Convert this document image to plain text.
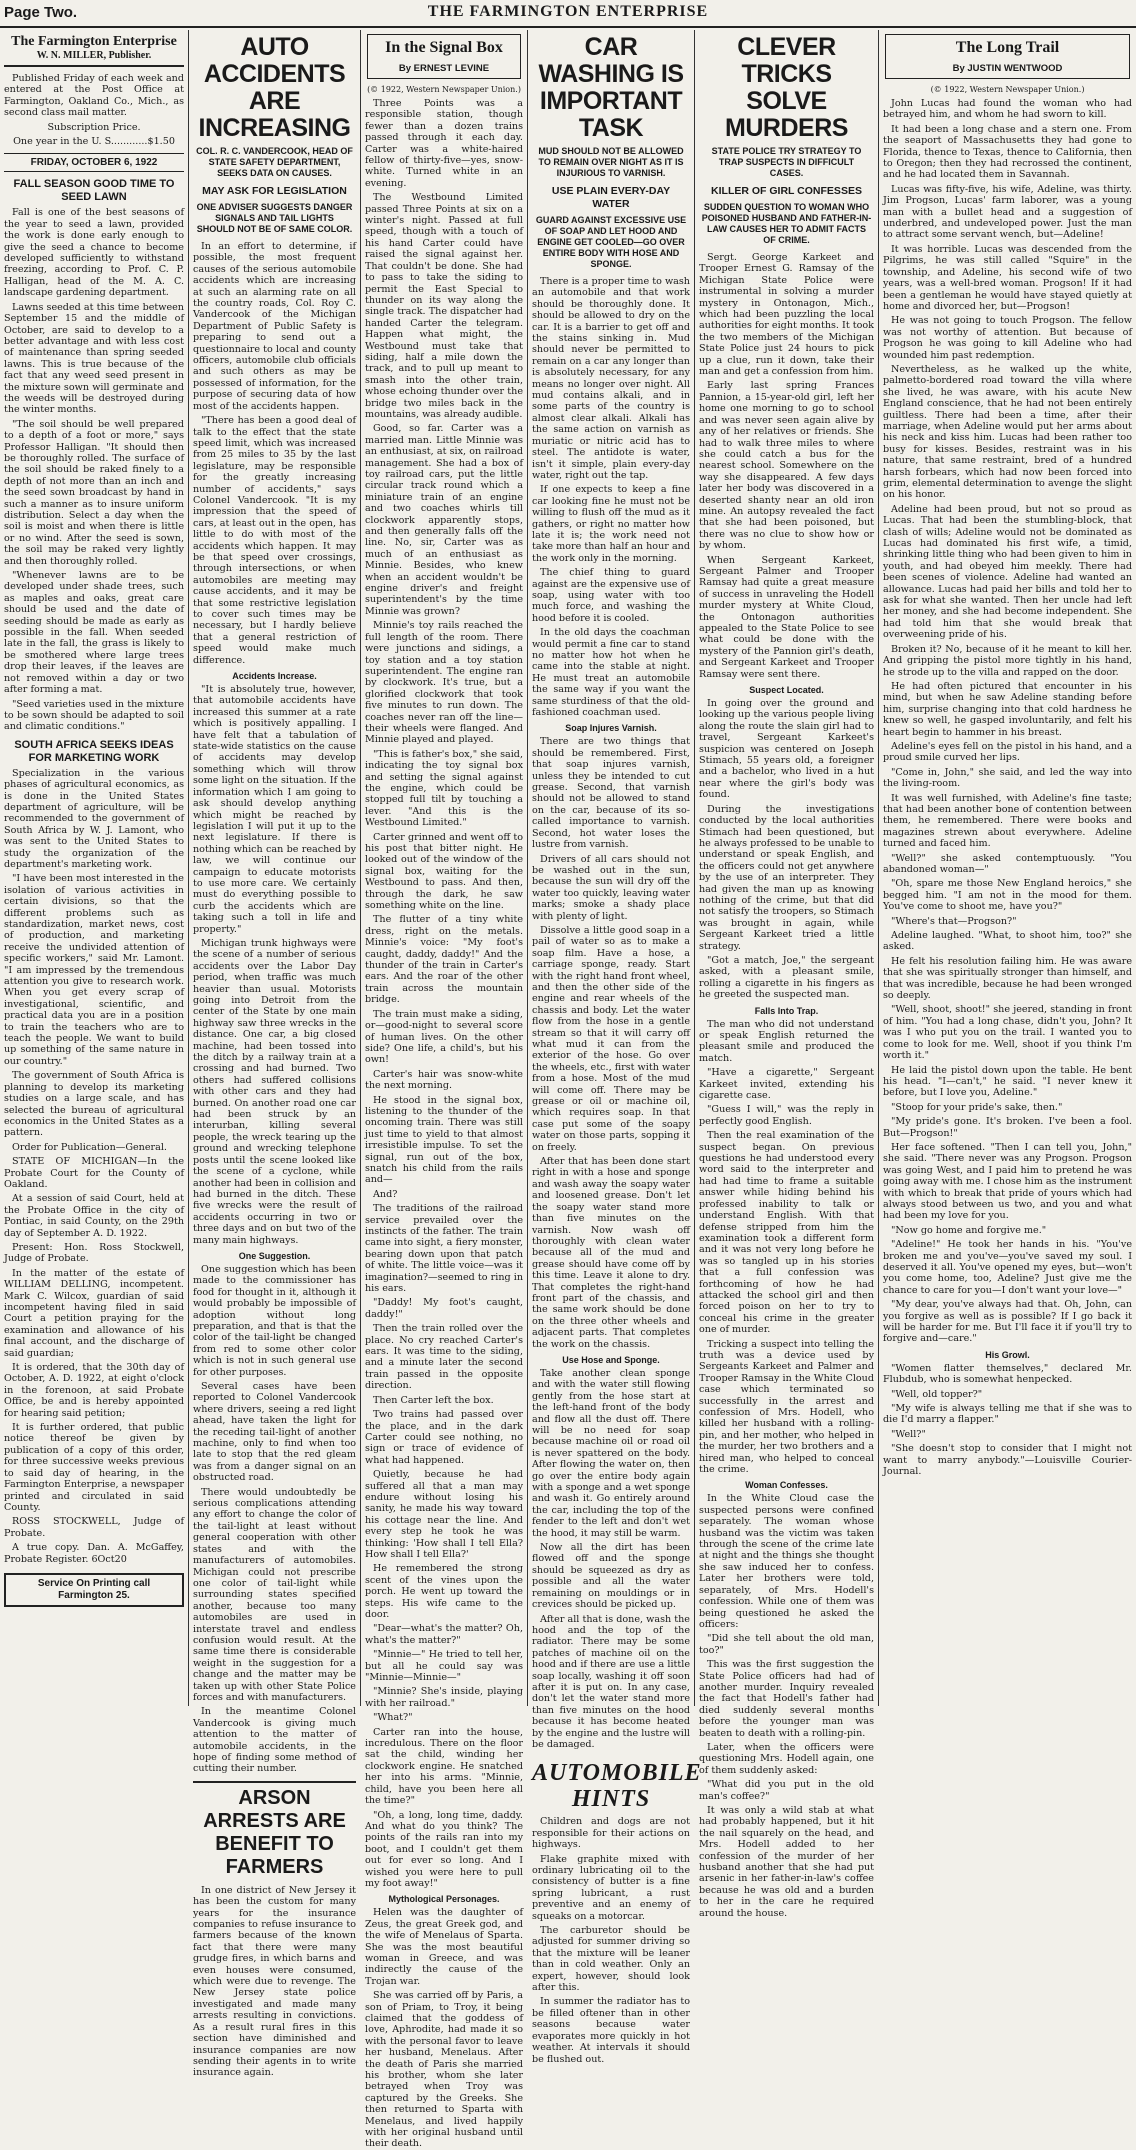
Page Two.	THE FARMINGTON ENTERPRISE
The Farmington Enterprise
W. N. MILLER, Publisher.

Published Friday of each week and entered at the Post Office at Farmington, Oakland Co., Mich., as second class mail matter.

Subscription Price.

One year in the U. S............$1.50

FRIDAY, OCTOBER 6, 1922
FALL SEASON GOOD TIME TO SEED LAWN

Fall is one of the best seasons of the year to seed a lawn, provided the work is done early enough to give the seed a chance to become developed sufficiently to withstand freezing, according to Prof. C. P. Halligan, head of the M. A. C. landscape gardening department.

Lawns seeded at this time between September 15 and the middle of October, are said to develop to a better advantage and with less cost of maintenance than spring seeded lawns. This is true because of the fact that any weed seed present in the mixture sown will germinate and the weeds will be destroyed during the winter months.

"The soil should be well prepared to a depth of a foot or more," says Professor Halligan. "It should then be thoroughly rolled. The surface of the soil should be raked finely to a depth of not more than an inch and the seed sown broadcast by hand in such a manner as to insure uniform distribution. Select a day when the soil is moist and when there is little or no wind. After the seed is sown, the soil may be raked very lightly and then thoroughly rolled.

"Whenever lawns are to be developed under shade trees, such as maples and oaks, great care should be used and the date of seeding should be made as early as possible in the fall. When seeded late in the fall, the grass is likely to be smothered where large trees drop their leaves, if the leaves are not removed within a day or two after forming a mat.

"Seed varieties used in the mixture to be sown should be adapted to soil and climatic conditions."

SOUTH AFRICA SEEKS IDEAS FOR MARKETING WORK

Specialization in the various phases of agricultural economics, as is done in the United States department of agriculture, will be recommended to the government of South Africa by W. J. Lamont, who was sent to the United States to study the organization of the department's marketing work.

"I have been most interested in the isolation of various activities in certain divisions, so that the different problems such as standardization, market news, cost of production, and marketing receive the undivided attention of specific workers," said Mr. Lamont. "I am impressed by the tremendous attention you give to research work. When you get every scrap of investigational, scientific, and practical data you are in a position to train the teachers who are to teach the people. We want to build up something of the same nature in our country."

The government of South Africa is planning to develop its marketing studies on a large scale, and has selected the bureau of agricultural economics in the United States as a pattern.

Order for Publication—General.

STATE OF MICHIGAN—In the Probate Court for the County of Oakland.

At a session of said Court, held at the Probate Office in the city of Pontiac, in said County, on the 29th day of September A. D. 1922.

Present: Hon. Ross Stockwell, Judge of Probate.

In the matter of the estate of WILLIAM DELLING, incompetent. Mark C. Wilcox, guardian of said incompetent having filed in said Court a petition praying for the examination and allowance of his final account, and the discharge of said guardian;

It is ordered, that the 30th day of October, A. D. 1922, at eight o'clock in the forenoon, at said Probate Office, be and is hereby appointed for hearing said petition;

It is further ordered, that public notice thereof be given by publication of a copy of this order, for three successive weeks previous to said day of hearing, in the Farmington Enterprise, a newspaper printed and circulated in said County.

ROSS STOCKWELL, Judge of Probate.

A true copy. Dan. A. McGaffey, Probate Register. 6Oct20

Service On Printing call Farmington 25.
AUTO ACCIDENTS ARE INCREASING
COL. R. C. VANDERCOOK, HEAD OF STATE SAFETY DEPARTMENT, SEEKS DATA ON CAUSES.
MAY ASK FOR LEGISLATION
ONE ADVISER SUGGESTS DANGER SIGNALS AND TAIL LIGHTS SHOULD NOT BE OF SAME COLOR.

In an effort to determine, if possible, the most frequent causes of the serious automobile accidents which are increasing at such an alarming rate on all the country roads, Col. Roy C. Vandercook of the Michigan Department of Public Safety is preparing to send out a questionnaire to local and county officers, automobile club officials and such others as may be possessed of information, for the purpose of securing data of how most of the accidents happen.

"There has been a good deal of talk to the effect that the state speed limit, which was increased from 25 miles to 35 by the last legislature, may be responsible for the greatly increasing number of accidents," says Colonel Vandercook. "It is my impression that the speed of cars, at least out in the open, has little to do with most of the accidents which happen. It may be that speed over crossings, through intersections, or when automobiles are meeting may cause accidents, and it may be that some restrictive legislation to cover such times may be necessary, but I hardly believe that a general restriction of speed would make much difference.

Accidents Increase.

"It is absolutely true, however, that automobile accidents have increased this summer at a rate which is positively appalling. I have felt that a tabulation of state-wide statistics on the cause of accidents may develop something which will throw some light on the situation. If the information which I am going to ask should develop anything which might be reached by legislation I will put it up to the next legislature. If there is nothing which can be reached by law, we will continue our campaign to educate motorists to use more care. We certainly must do everything possible to curb the accidents which are taking such a toll in life and property."

Michigan trunk highways were the scene of a number of serious accidents over the Labor Day period, when traffic was much heavier than usual. Motorists going into Detroit from the center of the State by one main highway saw three wrecks in the distance. One car, a big closed machine, had been tossed into the ditch by a railway train at a crossing and had burned. Two others had suffered collisions with other cars and they had burned. On another road one car had been struck by an interurban, killing several people, the wreck tearing up the ground and wrecking telephone posts until the scene looked like the scene of a cyclone, while another had been in collision and had burned in the ditch. These five wrecks were the result of accidents occurring in two or three days and on but two of the many main highways.

One Suggestion.

One suggestion which has been made to the commissioner has food for thought in it, although it would probably be impossible of adoption without long preparation, and that is that the color of the tail-light be changed from red to some other color which is not in such general use for other purposes.

Several cases have been reported to Colonel Vandercook where drivers, seeing a red light ahead, have taken the light for the receding tail-light of another machine, only to find when too late to stop that the red gleam was from a danger signal on an obstructed road.

There would undoubtedly be serious complications attending any effort to change the color of the tail-light at least without general cooperation with other states and with the manufacturers of automobiles. Michigan could not prescribe one color of tail-light while surrounding states specified another, because too many automobiles are used in interstate travel and endless confusion would result. At the same time there is considerable weight in the suggestion for a change and the matter may be taken up with other State Police forces and with manufacturers.

In the meantime Colonel Vandercook is giving much attention to the matter of automobile accidents, in the hope of finding some method of cutting their number.

ARSON ARRESTS ARE BENEFIT TO FARMERS

In one district of New Jersey it has been the custom for many years for the insurance companies to refuse insurance to farmers because of the known fact that there were many grudge fires, in which barns and even houses were consumed, which were due to revenge. The New Jersey state police investigated and made many arrests resulting in convictions. As a result rural fires in this section have diminished and insurance companies are now sending their agents in to write insurance again.

In the Signal Box
By ERNEST LEVINE
(© 1922, Western Newspaper Union.)

Three Points was a responsible station, though fewer than a dozen trains passed through it each day. Carter was a white-haired fellow of thirty-five—yes, snow-white. Turned white in an evening.

The Westbound Limited passed Three Points at six on a winter's night. Passed at full speed, though with a touch of his hand Carter could have raised the signal against her. That couldn't be done. She had to pass to take the siding to permit the East Special to thunder on its way along the single track. The dispatcher had handed Carter the telegram. Happen what might, the Westbound must take that siding, half a mile down the track, and to pull up meant to smash into the other train, whose echoing thunder over the bridge two miles back in the mountains, was already audible.

Good, so far. Carter was a married man. Little Minnie was an enthusiast, at six, on railroad management. She had a box of toy railroad cars, put the little circular track round which a miniature train of an engine and two coaches whirls till clockwork apparently stops, and then generally falls off the line. No, sir, Carter was as much of an enthusiast as Minnie. Besides, who knew when an accident wouldn't be engine driver's and freight superintendent's by the time Minnie was grown?

Minnie's toy rails reached the full length of the room. There were junctions and sidings, a toy station and a toy station superintendent. The engine ran by clockwork. It's true, but a glorified clockwork that took five minutes to run down. The coaches never ran off the line—their wheels were flanged. And Minnie played and played.

"This is father's box," she said, indicating the toy signal box and setting the signal against the engine, which could be stopped full tilt by touching a lever. "And this is the Westbound Limited."

Carter grinned and went off to his post that bitter night. He looked out of the window of the signal box, waiting for the Westbound to pass. And then, through the dark, he saw something white on the line.

The flutter of a tiny white dress, right on the metals. Minnie's voice: "My foot's caught, daddy, daddy!" And the thunder of the train in Carter's ears. And the roar of the other train across the mountain bridge.

The train must make a siding, or—good-night to several score of human lives. On the other side? One life, a child's, but his own!

Carter's hair was snow-white the next morning.

He stood in the signal box, listening to the thunder of the oncoming train. There was still just time to yield to that almost irresistible impulse. To set the signal, run out of the box, snatch his child from the rails and—

And?

The traditions of the railroad service prevailed over the instincts of the father. The train came into sight, a fiery monster, bearing down upon that patch of white. The little voice—was it imagination?—seemed to ring in his ears.

"Daddy! My foot's caught, daddy!"

Then the train rolled over the place. No cry reached Carter's ears. It was time to the siding, and a minute later the second train passed in the opposite direction.

Then Carter left the box.

Two trains had passed over the place, and in the dark Carter could see nothing, no sign or trace of evidence of what had happened.

Quietly, because he had suffered all that a man may endure without losing his sanity, he made his way toward his cottage near the line. And every step he took he was thinking: 'How shall I tell Ella? How shall I tell Ella?'

He remembered the strong scent of the vines upon the porch. He went up toward the steps. His wife came to the door.

"Dear—what's the matter? Oh, what's the matter?"

"Minnie—" He tried to tell her, but all he could say was "Minnie—Minnie—"

"Minnie? She's inside, playing with her railroad."

"What?"

Carter ran into the house, incredulous. There on the floor sat the child, winding her clockwork engine. He snatched her into his arms. "Minnie, child, have you been here all the time?"

"Oh, a long, long time, daddy. And what do you think? The points of the rails ran into my boot, and I couldn't get them out for ever so long. And I wished you were here to pull my foot away!"

Mythological Personages.

Helen was the daughter of Zeus, the great Greek god, and the wife of Menelaus of Sparta. She was the most beautiful woman in Greece, and was indirectly the cause of the Trojan war.

She was carried off by Paris, a son of Priam, to Troy, it being claimed that the goddess of love, Aphrodite, had made it so with the personal favor to leave her husband, Menelaus. After the death of Paris she married his brother, whom she later betrayed when Troy was captured by the Greeks. She then returned to Sparta with Menelaus, and lived happily with her original husband until their death.

CAR WASHING IS IMPORTANT TASK
MUD SHOULD NOT BE ALLOWED TO REMAIN OVER NIGHT AS IT IS INJURIOUS TO VARNISH.
USE PLAIN EVERY-DAY WATER
GUARD AGAINST EXCESSIVE USE OF SOAP AND LET HOOD AND ENGINE GET COOLED—GO OVER ENTIRE BODY WITH HOSE AND SPONGE.

There is a proper time to wash an automobile and that work should be thoroughly done. It should be allowed to dry on the car. It is a barrier to get off and the stains sinking in. Mud should never be permitted to remain on a car any longer than is absolutely necessary, for any means no longer over night. All mud contains alkali, and in some parts of the country is almost clear alkali. Alkali has the same action on varnish as muriatic or nitric acid has to steel. The antidote is water, isn't it simple, plain every-day water, right out the tap.

If one expects to keep a fine car looking fine he must not be willing to flush off the mud as it gathers, or right no matter how late it is; the work need not take more than half an hour and the work only in the morning.

The chief thing to guard against are the expensive use of soap, using water with too much force, and washing the hood before it is cooled.

In the old days the coachman would permit a fine car to stand no matter how hot when he came into the stable at night. He must treat an automobile the same way if you want the same sturdiness of that the old-fashioned coachman used.

Soap Injures Varnish.

There are two things that should be remembered. First, that soap injures varnish, unless they be intended to cut grease. Second, that varnish should not be allowed to stand on the car, because of its so-called importance to varnish. Second, hot water loses the lustre from varnish.

Drivers of all cars should not be washed out in the sun, because the sun will dry off the water too quickly, leaving water marks; smoke a shady place with plenty of light.

Dissolve a little good soap in a pail of water so as to make a soap film. Have a hose, a carriage sponge, ready. Start with the right hand front wheel, and then the other side of the engine and rear wheels of the chassis and body. Let the water flow from the hose in a gentle stream so that it will carry off what mud it can from the exterior of the hose. Go over the wheels, etc., first with water from a hose. Most of the mud will come off. There may be grease or oil or machine oil, which requires soap. In that case put some of the soapy water on those parts, sopping it on freely.

After that has been done start right in with a hose and sponge and wash away the soapy water and loosened grease. Don't let the soapy water stand more than five minutes on the varnish. Now wash off thoroughly with clean water because all of the mud and grease should have come off by this time. Leave it alone to dry. That completes the right-hand front part of the chassis, and the same work should be done on the three other wheels and adjacent parts. That completes the work on the chassis.

Use Hose and Sponge.

Take another clean sponge and with the water still flowing gently from the hose start at the left-hand front of the body and flow all the dust off. There will be no need for soap because machine oil or road oil is never spattered on the body. After flowing the water on, then go over the entire body again with a sponge and a wet sponge and wash it. Go entirely around the car, including the top of the fender to the left and don't wet the hood, it may still be warm.

Now all the dirt has been flowed off and the sponge should be squeezed as dry as possible and all the water remaining on mouldings or in crevices should be picked up.

After all that is done, wash the hood and the top of the radiator. There may be some patches of machine oil on the hood and if there are use a little soap locally, washing it off soon after it is put on. In any case, don't let the water stand more than five minutes on the hood because it has become heated by the engine and the lustre will be damaged.

AUTOMOBILE HINTS

Children and dogs are not responsible for their actions on highways.

Flake graphite mixed with ordinary lubricating oil to the consistency of butter is a fine spring lubricant, a rust preventive and an enemy of squeaks on a motorcar.

The carburetor should be adjusted for summer driving so that the mixture will be leaner than in cold weather. Only an expert, however, should look after this.

In summer the radiator has to be filled oftener than in other seasons because water evaporates more quickly in hot weather. At intervals it should be flushed out.

CLEVER TRICKS SOLVE MURDERS
STATE POLICE TRY STRATEGY TO TRAP SUSPECTS IN DIFFICULT CASES.
KILLER OF GIRL CONFESSES
SUDDEN QUESTION TO WOMAN WHO POISONED HUSBAND AND FATHER-IN-LAW CAUSES HER TO ADMIT FACTS OF CRIME.

Sergt. George Karkeet and Trooper Ernest G. Ramsay of the Michigan State Police were instrumental in solving a murder mystery in Ontonagon, Mich., which had been puzzling the local authorities for eight months. It took the two members of the Michigan State Police just 24 hours to pick up a clue, run it down, take their man and get a confession from him.

Early last spring Frances Pannion, a 15-year-old girl, left her home one morning to go to school and was never seen again alive by any of her relatives or friends. She had to walk three miles to where she could catch a bus for the nearest school. Somewhere on the way she disappeared. A few days later her body was discovered in a deserted shanty near an old iron mine. An autopsy revealed the fact that she had been poisoned, but there was no clue to show how or by whom.

When Sergeant Karkeet, Sergeant Palmer and Trooper Ramsay had quite a great measure of success in unraveling the Hodell murder mystery at White Cloud, the Ontonagon authorities appealed to the State Police to see what could be done with the mystery of the Pannion girl's death, and Sergeant Karkeet and Trooper Ramsay were sent there.

Suspect Located.

In going over the ground and looking up the various people living along the route the slain girl had to travel, Sergeant Karkeet's suspicion was centered on Joseph Stimach, 55 years old, a foreigner and a bachelor, who lived in a hut near where the girl's body was found.

During the investigations conducted by the local authorities Stimach had been questioned, but he always professed to be unable to understand or speak English, and the officers could not get anywhere by the use of an interpreter. They had given the man up as knowing nothing of the crime, but that did not satisfy the troopers, so Stimach was brought in again, while Sergeant Karkeet tried a little strategy.

"Got a match, Joe," the sergeant asked, with a pleasant smile, rolling a cigarette in his fingers as he greeted the suspected man.

Falls Into Trap.

The man who did not understand or speak English returned the pleasant smile and produced the match.

"Have a cigarette," Sergeant Karkeet invited, extending his cigarette case.

"Guess I will," was the reply in perfectly good English.

Then the real examination of the suspect began. On previous questions he had understood every word said to the interpreter and had had time to frame a suitable answer while hiding behind his professed inability to talk or understand English. With that defense stripped from him the examination took a different form and it was not very long before he was so tangled up in his stories that a full confession was forthcoming of how he had attacked the school girl and then forced poison on her to try to conceal his crime in the greater one of murder.

Tricking a suspect into telling the truth was a device used by Sergeants Karkeet and Palmer and Trooper Ramsay in the White Cloud case which terminated so successfully in the arrest and confession of Mrs. Hodell, who killed her husband with a rolling-pin, and her mother, who helped in the murder, her two brothers and a hired man, who helped to conceal the crime.

Woman Confesses.

In the White Cloud case the suspected persons were confined separately. The woman whose husband was the victim was taken through the scene of the crime late at night and the things she thought she saw induced her to confess. Later her brothers were told, separately, of Mrs. Hodell's confession. While one of them was being questioned he asked the officers:

"Did she tell about the old man, too?"

This was the first suggestion the State Police officers had had of another murder. Inquiry revealed the fact that Hodell's father had died suddenly several months before the younger man was beaten to death with a rolling-pin.

Later, when the officers were questioning Mrs. Hodell again, one of them suddenly asked:

"What did you put in the old man's coffee?"

It was only a wild stab at what had probably happened, but it hit the nail squarely on the head, and Mrs. Hodell added to her confession of the murder of her husband another that she had put arsenic in her father-in-law's coffee because he was old and a burden to her in the care he required around the house.

The Long Trail
By JUSTIN WENTWOOD
(© 1922, Western Newspaper Union.)

John Lucas had found the woman who had betrayed him, and whom he had sworn to kill.

It had been a long chase and a stern one. From the seaport of Massachusetts they had gone to Florida, thence to Texas, thence to California, then to Oregon; then they had recrossed the continent, and he had located them in Savannah.

Lucas was fifty-five, his wife, Adeline, was thirty. Jim Progson, Lucas' farm laborer, was a young man with a bullet head and a suggestion of underbred, and undeveloped power. Just the man to attract some servant wench, but—Adeline!

It was horrible. Lucas was descended from the Pilgrims, he was still called "Squire" in the township, and Adeline, his second wife of two years, was a well-bred woman. Progson! If it had been a gentleman he would have stayed quietly at home and divorced her, but—Progson!

He was not going to touch Progson. The fellow was not worthy of attention. But because of Progson he was going to kill Adeline who had wounded him past redemption.

Nevertheless, as he walked up the white, palmetto-bordered road toward the villa where she lived, he was aware, with his acute New England conscience, that he had not been entirely guiltless. There had been a time, after their marriage, when Adeline would put her arms about his neck and kiss him. Lucas had been rather too busy for kisses. Besides, restraint was in his nature, that same restraint, bred of a hundred harsh forbears, which had now been forced into grim, elemental determination to avenge the slight on his honor.

Adeline had been proud, but not so proud as Lucas. That had been the stumbling-block, that clash of wills; Adeline would not be dominated as Lucas had dominated his first wife, a timid, shrinking little thing who had been given to him in youth, and had obeyed him meekly. There had been scenes of violence. Adeline had wanted an allowance. Lucas had paid her bills and told her to ask for what she wanted. Then her uncle had left her money, and she had become independent. She had told him that she would break that overweening pride of his.

Broken it? No, because of it he meant to kill her. And gripping the pistol more tightly in his hand, he strode up to the villa and rapped on the door.

He had often pictured that encounter in his mind, but when he saw Adeline standing before him, surprise changing into that cold hardness he knew so well, he gasped involuntarily, and felt his heart begin to hammer in his breast.

Adeline's eyes fell on the pistol in his hand, and a proud smile curved her lips.

"Come in, John," she said, and led the way into the living-room.

It was well furnished, with Adeline's fine taste; that had been another bone of contention between them, he remembered. There were books and magazines strewn about everywhere. Adeline turned and faced him.

"Well?" she asked contemptuously. "You abandoned woman—"

"Oh, spare me those New England heroics," she begged him. "I am not in the mood for them. You've come to shoot me, have you?"

"Where's that—Progson?"

Adeline laughed. "What, to shoot him, too?" she asked.

He felt his resolution failing him. He was aware that she was spiritually stronger than himself, and that was incredible, because he had been wronged so deeply.

"Well, shoot, shoot!" she jeered, standing in front of him. "You had a long chase, didn't you, John? It was I who put you on the trail. I wanted you to come to look for me. Well, shoot if you think I'm worth it."

He laid the pistol down upon the table. He bent his head. "I—can't," he said. "I never knew it before, but I love you, Adeline."

"Stoop for your pride's sake, then."

"My pride's gone. It's broken. I've been a fool. But—Progson!"

Her face softened. "Then I can tell you, John," she said. "There never was any Progson. Progson was going West, and I paid him to pretend he was going away with me. I chose him as the instrument with which to break that pride of yours which had always stood between us two, and you and what had been my love for you.

"Now go home and forgive me."

"Adeline!" He took her hands in his. "You've broken me and you've—you've saved my soul. I deserved it all. You've opened my eyes, but—won't you come home, too, Adeline? Just give me the chance to care for you—I don't want your love—"

"My dear, you've always had that. Oh, John, can you forgive as well as is possible? If I go back it will be harder for me. But I'll face it if you'll try to forgive and—care."

His Growl.

"Women flatter themselves," declared Mr. Flubdub, who is somewhat henpecked.

"Well, old topper?"

"My wife is always telling me that if she was to die I'd marry a flapper."

"Well?"

"She doesn't stop to consider that I might not want to marry anybody."—Louisville Courier-Journal.
